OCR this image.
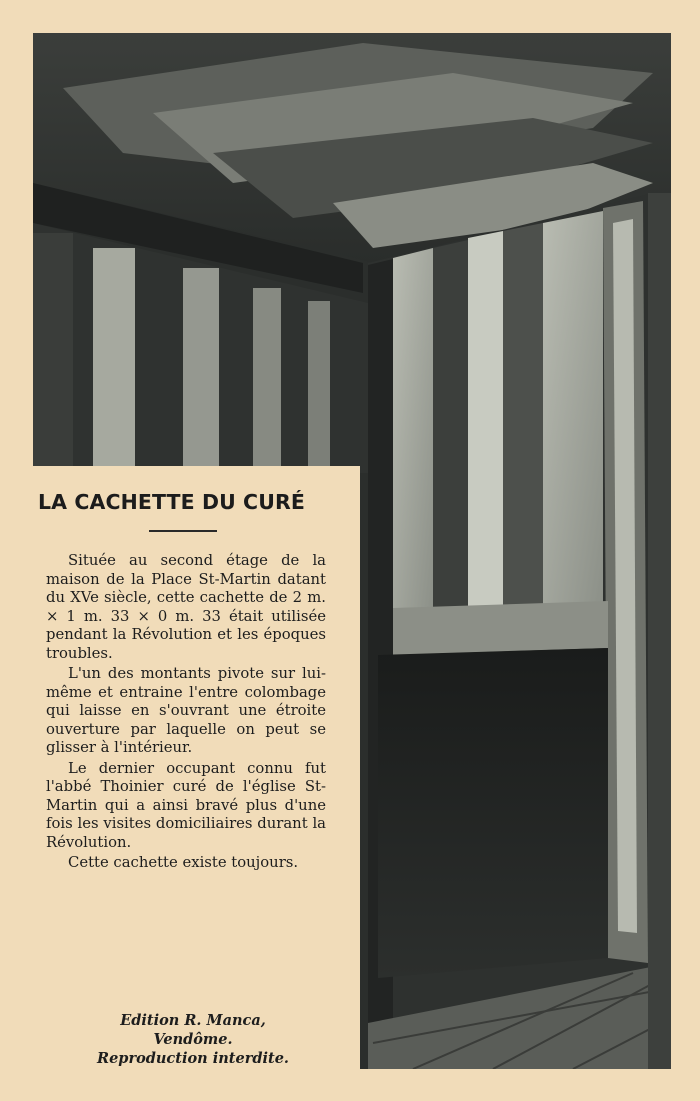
LA CACHETTE DU CURÉ

Située au second étage de la maison de la Place St-Martin datant du XVe siècle, cette cachette de 2 m. × 1 m. 33 × 0 m. 33 était utilisée pendant la Révolution et les époques troubles.

L'un des montants pivote sur lui-même et entraine l'entre colombage qui laisse en s'ouvrant une étroite ouverture par laquelle on peut se glisser à l'intérieur.

Le dernier occupant connu fut l'abbé Thoinier curé de l'église St- Martin qui a ainsi bravé plus d'une fois les visites domiciliaires durant la Révolution.

Cette cachette existe toujours.

Edition R. Manca,
Vendôme.
Reproduction interdite.
